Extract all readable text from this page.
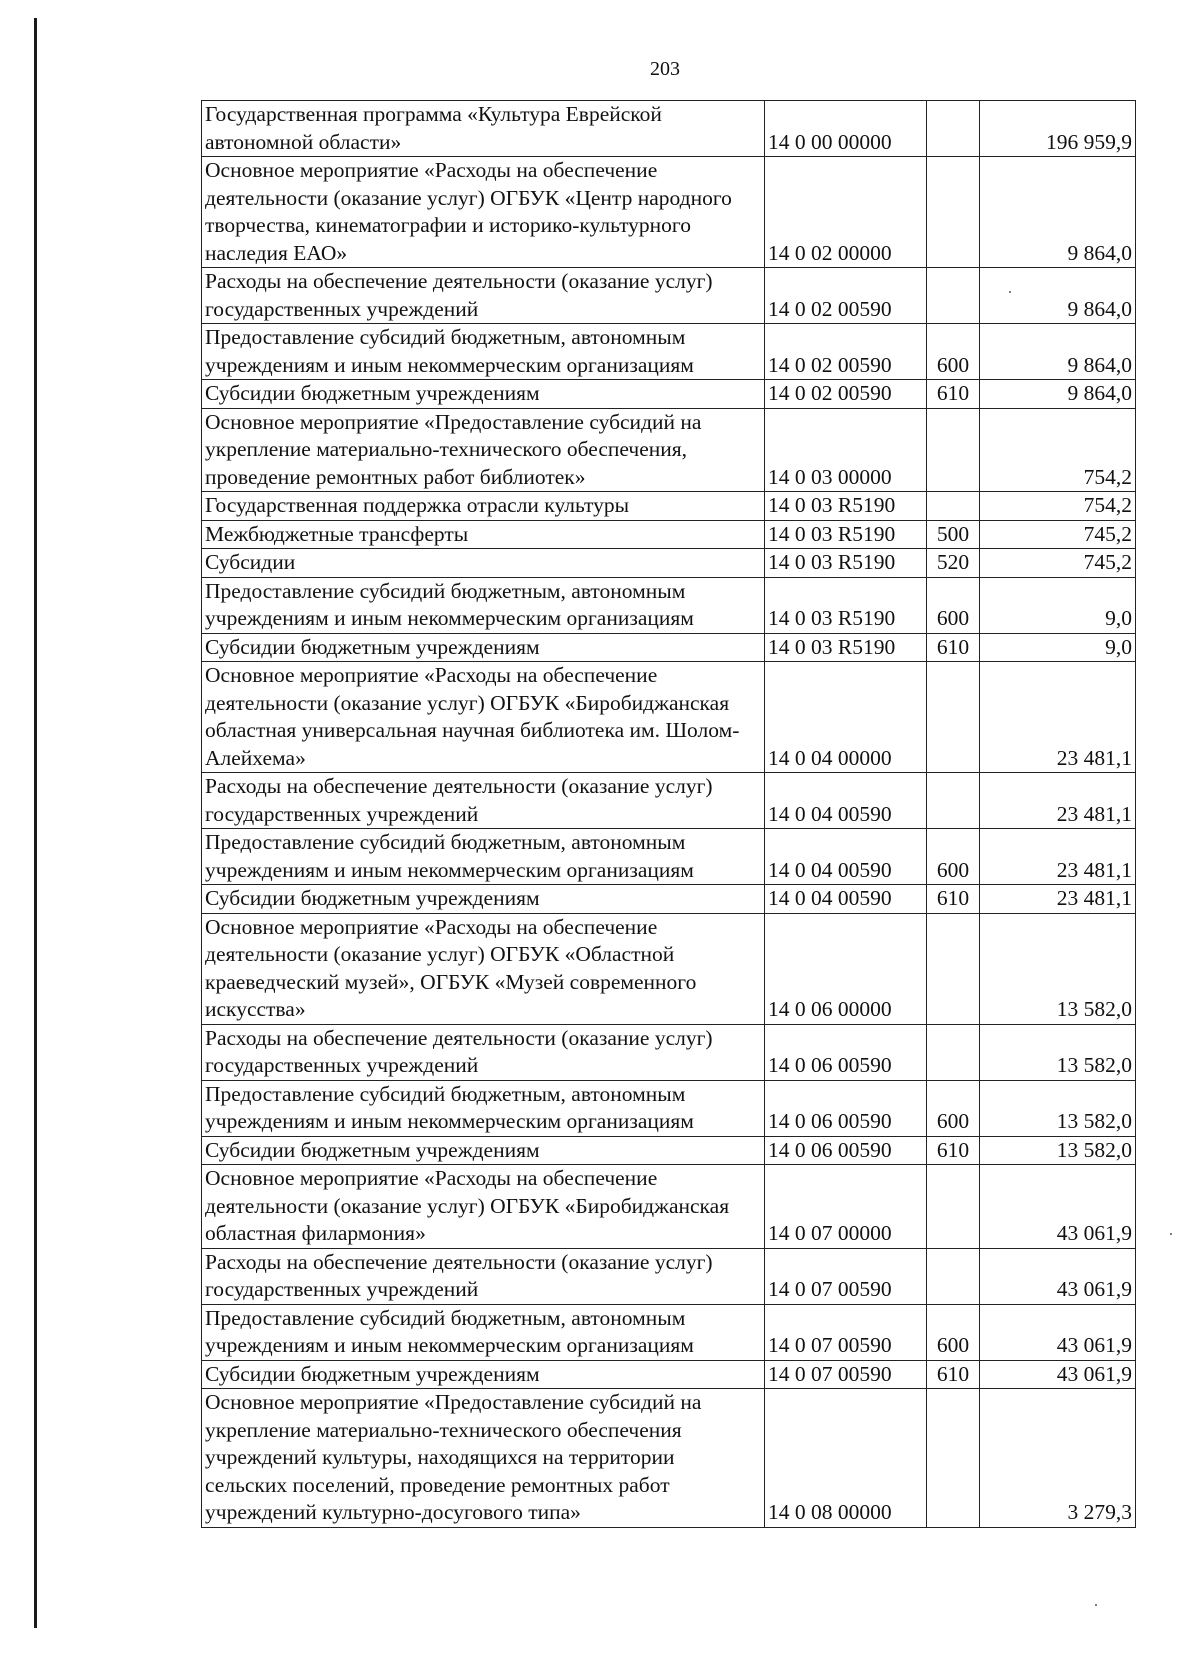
203
Государственная программа «Культура Еврейской автономной области»	14 0 00 00000		196 959,9
Основное мероприятие «Расходы на обеспечение деятельности (оказание услуг) ОГБУК «Центр народного творчества, кинематографии и историко-культурного наследия ЕАО»	14 0 02 00000		9 864,0
Расходы на обеспечение деятельности (оказание услуг) государственных учреждений	14 0 02 00590		9 864,0
Предоставление субсидий бюджетным, автономным учреждениям и иным некоммерческим организациям	14 0 02 00590	600	9 864,0
Субсидии бюджетным учреждениям	14 0 02 00590	610	9 864,0
Основное мероприятие «Предоставление субсидий на укрепление материально-технического обеспечения, проведение ремонтных работ библиотек»	14 0 03 00000		754,2
Государственная поддержка отрасли культуры	14 0 03 R5190		754,2
Межбюджетные трансферты	14 0 03 R5190	500	745,2
Субсидии	14 0 03 R5190	520	745,2
Предоставление субсидий бюджетным, автономным учреждениям и иным некоммерческим организациям	14 0 03 R5190	600	9,0
Субсидии бюджетным учреждениям	14 0 03 R5190	610	9,0
Основное мероприятие «Расходы на обеспечение деятельности (оказание услуг) ОГБУК «Биробиджанская областная универсальная научная библиотека им. Шолом-Алейхема»	14 0 04 00000		23 481,1
Расходы на обеспечение деятельности (оказание услуг) государственных учреждений	14 0 04 00590		23 481,1
Предоставление субсидий бюджетным, автономным учреждениям и иным некоммерческим организациям	14 0 04 00590	600	23 481,1
Субсидии бюджетным учреждениям	14 0 04 00590	610	23 481,1
Основное мероприятие «Расходы на обеспечение деятельности (оказание услуг) ОГБУК «Областной краеведческий музей», ОГБУК «Музей современного искусства»	14 0 06 00000		13 582,0
Расходы на обеспечение деятельности (оказание услуг) государственных учреждений	14 0 06 00590		13 582,0
Предоставление субсидий бюджетным, автономным учреждениям и иным некоммерческим организациям	14 0 06 00590	600	13 582,0
Субсидии бюджетным учреждениям	14 0 06 00590	610	13 582,0
Основное мероприятие «Расходы на обеспечение деятельности (оказание услуг) ОГБУК «Биробиджанская областная филармония»	14 0 07 00000		43 061,9
Расходы на обеспечение деятельности (оказание услуг) государственных учреждений	14 0 07 00590		43 061,9
Предоставление субсидий бюджетным, автономным учреждениям и иным некоммерческим организациям	14 0 07 00590	600	43 061,9
Субсидии бюджетным учреждениям	14 0 07 00590	610	43 061,9
Основное мероприятие «Предоставление субсидий на укрепление материально-технического обеспечения учреждений культуры, находящихся на территории сельских поселений, проведение ремонтных работ учреждений культурно-досугового типа»	14 0 08 00000		3 279,3
